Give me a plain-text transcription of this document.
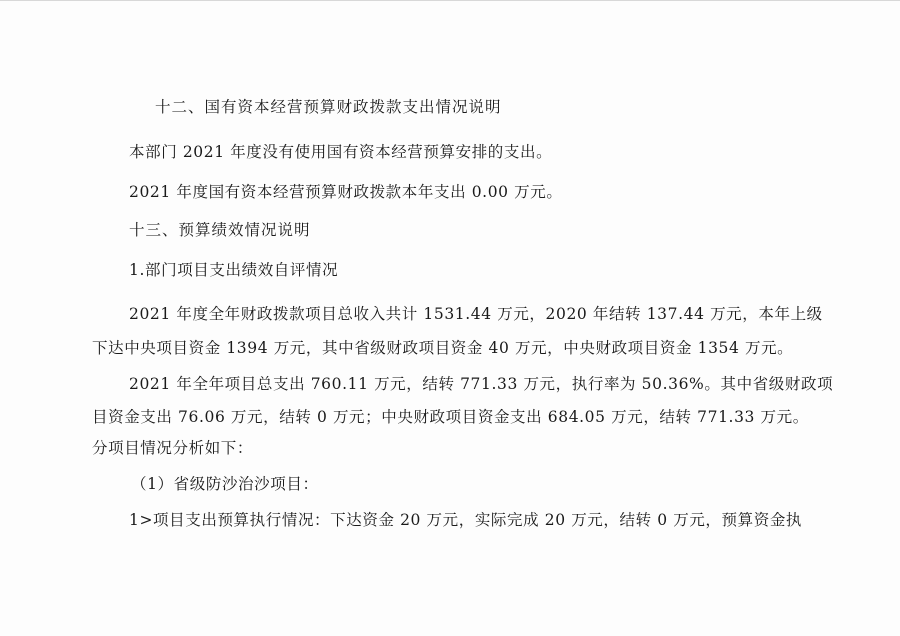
十二、国有资本经营预算财政拨款支出情况说明
本部门 2021 年度没有使用国有资本经营预算安排的支出。
2021 年度国有资本经营预算财政拨款本年支出 0.00 万元。
十三、预算绩效情况说明
1.部门项目支出绩效自评情况
2021 年度全年财政拨款项目总收入共计 1531.44 万元，2020 年结转 137.44 万元，本年上级
下达中央项目资金 1394 万元，其中省级财政项目资金 40 万元，中央财政项目资金 1354 万元。
2021 年全年项目总支出 760.11 万元，结转 771.33 万元，执行率为 50.36%。其中省级财政项
目资金支出 76.06 万元，结转 0 万元；中央财政项目资金支出 684.05 万元，结转 771.33 万元。
分项目情况分析如下：
（1）省级防沙治沙项目：
1>项目支出预算执行情况：下达资金 20 万元，实际完成 20 万元，结转 0 万元，预算资金执
